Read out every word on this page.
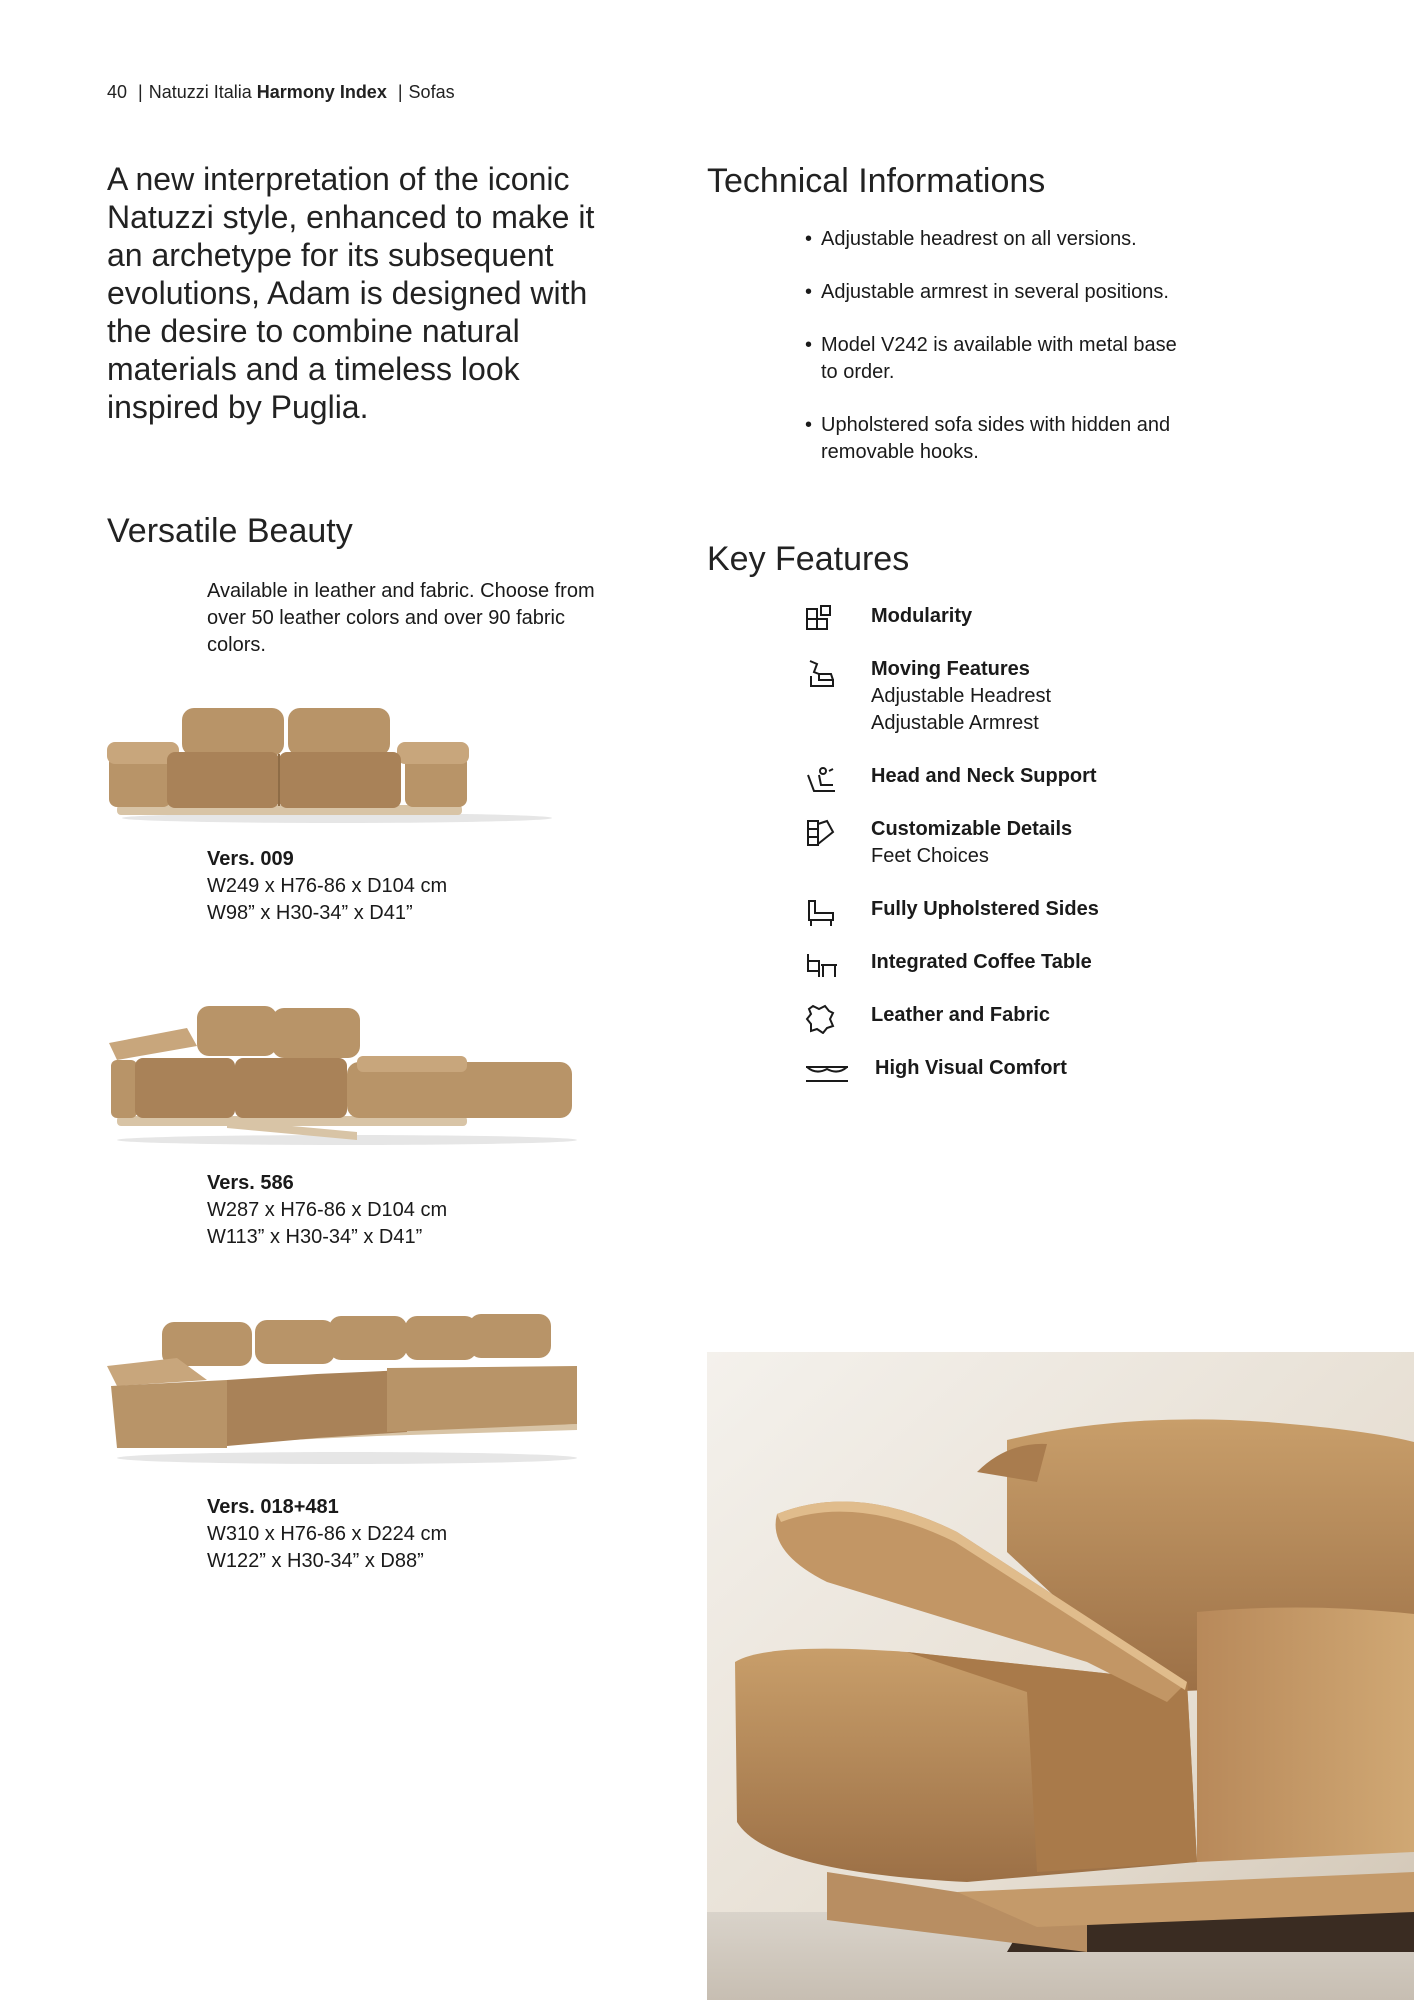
40 | Natuzzi Italia Harmony Index | Sofas
A new interpretation of the iconic Natuzzi style, enhanced to make it an archetype for its subsequent evolutions, Adam is designed with the desire to combine natural materials and a timeless look inspired by Puglia.
Technical Informations
• Adjustable headrest on all versions.
• Adjustable armrest in several positions.
• Model V242 is available with metal base to order.
• Upholstered sofa sides with hidden and removable hooks.
Versatile Beauty
Available in leather and fabric. Choose from over 50 leather colors and over 90 fabric colors.
Key Features
Modularity
Moving Features
Adjustable Headrest
Adjustable Armrest
Head and Neck Support
Customizable Details
Feet Choices
Fully Upholstered Sides
Integrated Coffee Table
Leather and Fabric
High Visual Comfort
Vers. 009
W249 x H76-86 x D104 cm
W98” x H30-34” x D41”
Vers. 586
W287 x H76-86 x D104 cm
W113” x H30-34” x D41”
Vers. 018+481
W310 x H76-86 x D224 cm
W122” x H30-34” x D88”
